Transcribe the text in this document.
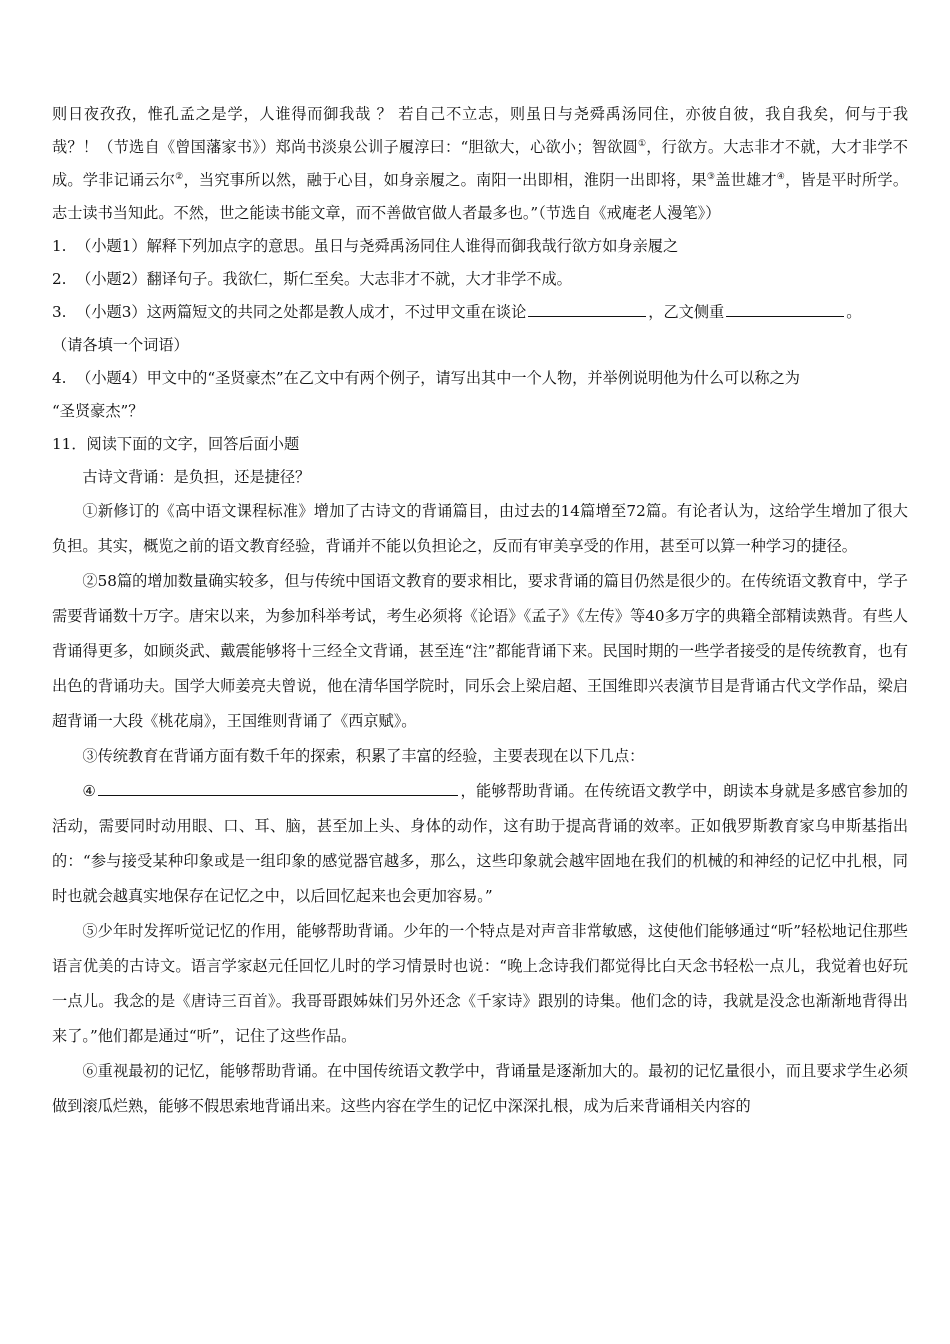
则日夜孜孜，惟孔孟之是学，人谁得而御我哉 ？ 若自己不立志，则虽日与尧舜禹汤同住，亦彼自彼，我自我矣，何与于我哉？！（节选自《曾国藩家书》）郑尚书淡泉公训子履淳曰：“胆欲大，心欲小；智欲圆①，行欲方。大志非才不就，大才非学不成。学非记诵云尔②，当究事所以然，融于心目，如身亲履之。南阳一出即相，淮阴一出即将，果③盖世雄才④，皆是平时所学。志士读书当知此。不然，世之能读书能文章，而不善做官做人者最多也。”（节选自《戒庵老人漫笔》）

1. （小题1）解释下列加点字的意思。虽日与尧舜禹汤同住人谁得而御我哉行欲方如身亲履之

2. （小题2）翻译句子。我欲仁，斯仁至矣。大志非才不就，大才非学不成。

3. （小题3）这两篇短文的共同之处都是教人成才，不过甲文重在谈论	，乙文侧重	。
（请各填一个词语）

4. （小题4）甲文中的“圣贤豪杰”在乙文中有两个例子，请写出其中一个人物，并举例说明他为什么可以称之为
“圣贤豪杰”？

11．阅读下面的文字，回答后面小题

古诗文背诵：是负担，还是捷径？

①新修订的《高中语文课程标准》增加了古诗文的背诵篇目，由过去的14篇增至72篇。有论者认为，这给学生增加了很大负担。其实，概览之前的语文教育经验，背诵并不能以负担论之，反而有审美享受的作用，甚至可以算一种学习的捷径。

②58篇的增加数量确实较多，但与传统中国语文教育的要求相比，要求背诵的篇目仍然是很少的。在传统语文教育中，学子需要背诵数十万字。唐宋以来，为参加科举考试，考生必须将《论语》《孟子》《左传》等40多万字的典籍全部精读熟背。有些人背诵得更多，如顾炎武、戴震能够将十三经全文背诵，甚至连“注”都能背诵下来。民国时期的一些学者接受的是传统教育，也有出色的背诵功夫。国学大师姜亮夫曾说，他在清华国学院时，同乐会上梁启超、王国维即兴表演节目是背诵古代文学作品，梁启超背诵一大段《桃花扇》，王国维则背诵了《西京赋》。

③传统教育在背诵方面有数千年的探索，积累了丰富的经验，主要表现在以下几点：

④	，能够帮助背诵。在传统语文教学中，朗读本身就是多感官参加的活动，需要同时动用眼、口、耳、脑，甚至加上头、身体的动作，这有助于提高背诵的效率。正如俄罗斯教育家乌申斯基指出的：“参与接受某种印象或是一组印象的感觉器官越多，那么，这些印象就会越牢固地在我们的机械的和神经的记忆中扎根，同时也就会越真实地保存在记忆之中，以后回忆起来也会更加容易。”

⑤少年时发挥听觉记忆的作用，能够帮助背诵。少年的一个特点是对声音非常敏感，这使他们能够通过“听”轻松地记住那些语言优美的古诗文。语言学家赵元任回忆儿时的学习情景时也说：“晚上念诗我们都觉得比白天念书轻松一点儿，我觉着也好玩一点儿。我念的是《唐诗三百首》。我哥哥跟姊妹们另外还念《千家诗》跟别的诗集。他们念的诗，我就是没念也渐渐地背得出来了。”他们都是通过“听”，记住了这些作品。

⑥重视最初的记忆，能够帮助背诵。在中国传统语文教学中，背诵量是逐渐加大的。最初的记忆量很小，而且要求学生必须做到滚瓜烂熟，能够不假思索地背诵出来。这些内容在学生的记忆中深深扎根，成为后来背诵相关内容的
